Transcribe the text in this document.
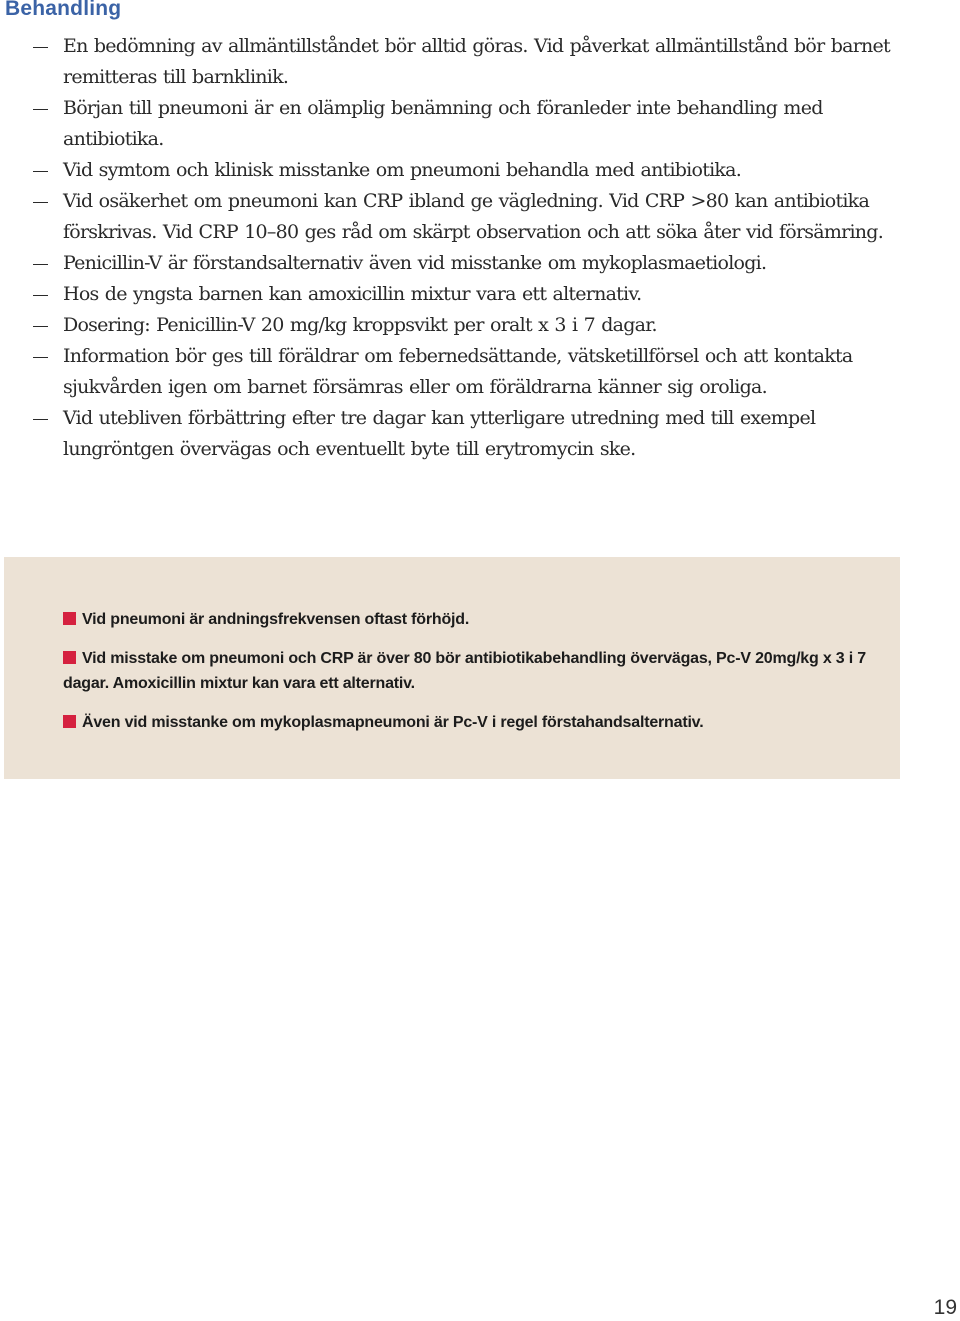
Behandling
En bedömning av allmäntillståndet bör alltid göras. Vid påverkat allmäntillstånd bör barnet remitteras till barnklinik.
Början till pneumoni är en olämplig benämning och föranleder inte behandling med antibiotika.
Vid symtom och klinisk misstanke om pneumoni behandla med antibiotika.
Vid osäkerhet om pneumoni kan CRP ibland ge vägledning. Vid CRP >80 kan antibiotika förskrivas. Vid CRP 10–80 ges råd om skärpt observation och att söka åter vid försämring.
Penicillin-V är förstandsalternativ även vid misstanke om mykoplasmaetiologi.
Hos de yngsta barnen kan amoxicillin mixtur vara ett alternativ.
Dosering: Penicillin-V 20 mg/kg kroppsvikt per oralt x 3 i 7 dagar.
Information bör ges till föräldrar om febernedsättande, vätsketillförsel och att kontakta sjukvården igen om barnet försämras eller om föräldrarna känner sig oroliga.
Vid utebliven förbättring efter tre dagar kan ytterligare utredning med till exempel lungröntgen övervägas och eventuellt byte till erytromycin ske.
Vid pneumoni är andningsfrekvensen oftast förhöjd.
Vid misstake om pneumoni och CRP är över 80 bör antibiotikabehandling övervägas, Pc-V 20mg/kg x 3 i 7 dagar. Amoxicillin mixtur kan vara ett alternativ.
Även vid misstanke om mykoplasmapneumoni är Pc-V i regel förstahandsalternativ.
19
